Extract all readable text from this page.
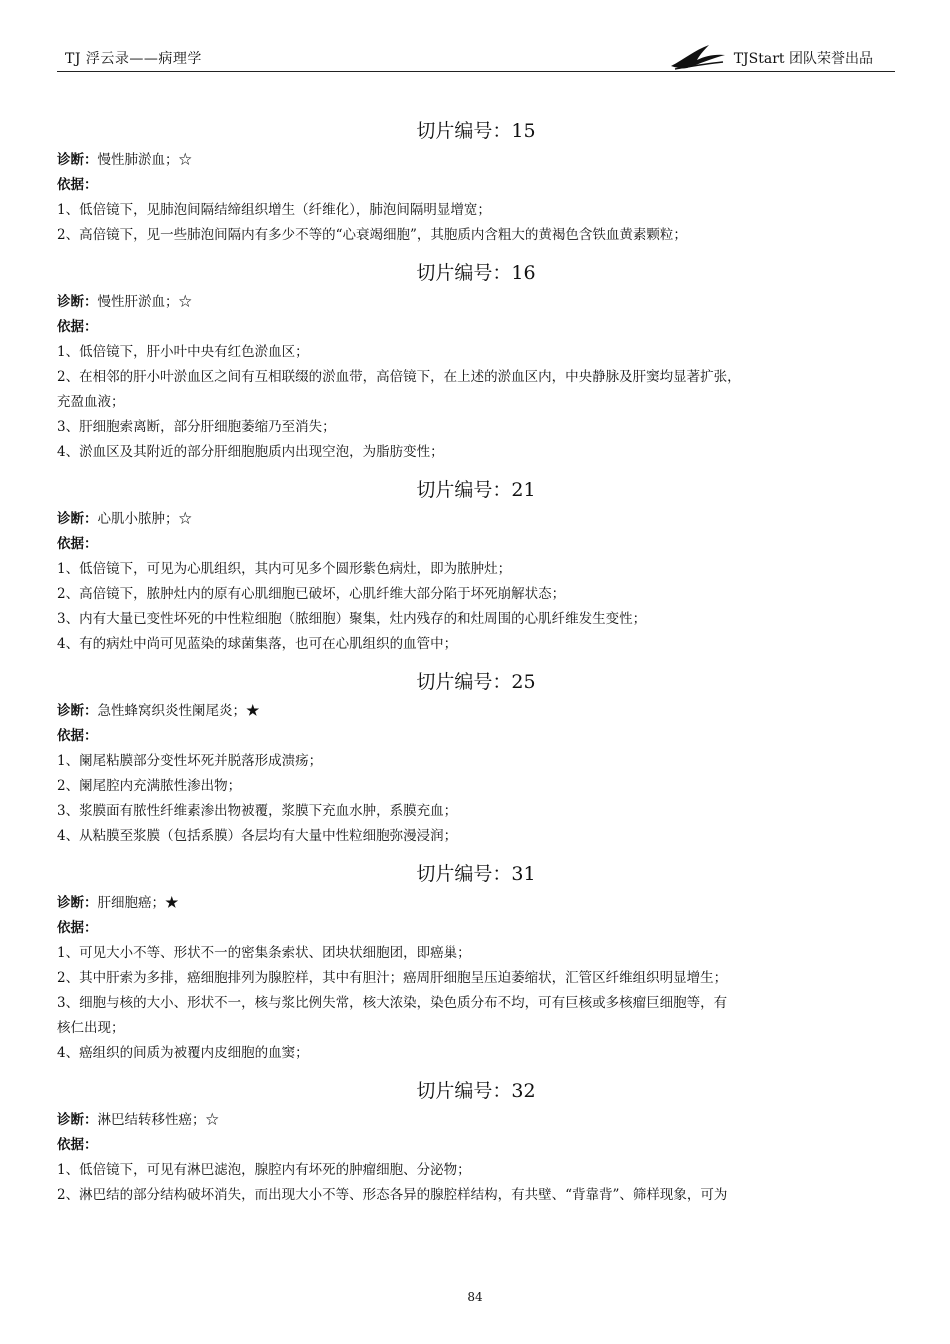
TJ 浮云录——病理学	TJStart 团队荣誉出品
切片编号：15
诊断：慢性肺淤血；☆
依据：
1、低倍镜下，见肺泡间隔结缔组织增生（纤维化），肺泡间隔明显增宽；
2、高倍镜下，见一些肺泡间隔内有多少不等的“心衰竭细胞”，其胞质内含粗大的黄褐色含铁血黄素颗粒；
切片编号：16
诊断：慢性肝淤血；☆
依据：
1、低倍镜下，肝小叶中央有红色淤血区；
2、在相邻的肝小叶淤血区之间有互相联缀的淤血带，高倍镜下，在上述的淤血区内，中央静脉及肝窦均显著扩张，
充盈血液；
3、肝细胞索离断，部分肝细胞萎缩乃至消失；
4、淤血区及其附近的部分肝细胞胞质内出现空泡，为脂肪变性；
切片编号：21
诊断：心肌小脓肿；☆
依据：
1、低倍镜下，可见为心肌组织，其内可见多个圆形紫色病灶，即为脓肿灶；
2、高倍镜下，脓肿灶内的原有心肌细胞已破坏，心肌纤维大部分陷于坏死崩解状态；
3、内有大量已变性坏死的中性粒细胞（脓细胞）聚集，灶内残存的和灶周围的心肌纤维发生变性；
4、有的病灶中尚可见蓝染的球菌集落，也可在心肌组织的血管中；
切片编号：25
诊断：急性蜂窝织炎性阑尾炎；★
依据：
1、阑尾粘膜部分变性坏死并脱落形成溃疡；
2、阑尾腔内充满脓性渗出物；
3、浆膜面有脓性纤维素渗出物被覆，浆膜下充血水肿，系膜充血；
4、从粘膜至浆膜（包括系膜）各层均有大量中性粒细胞弥漫浸润；
切片编号：31
诊断：肝细胞癌；★
依据：
1、可见大小不等、形状不一的密集条索状、团块状细胞团，即癌巢；
2、其中肝索为多排，癌细胞排列为腺腔样，其中有胆汁；癌周肝细胞呈压迫萎缩状，汇管区纤维组织明显增生；
3、细胞与核的大小、形状不一，核与浆比例失常，核大浓染，染色质分布不均，可有巨核或多核瘤巨细胞等，有
核仁出现；
4、癌组织的间质为被覆内皮细胞的血窦；
切片编号：32
诊断：淋巴结转移性癌；☆
依据：
1、低倍镜下，可见有淋巴滤泡，腺腔内有坏死的肿瘤细胞、分泌物；
2、淋巴结的部分结构破坏消失，而出现大小不等、形态各异的腺腔样结构，有共壁、“背靠背”、筛样现象，可为
84
